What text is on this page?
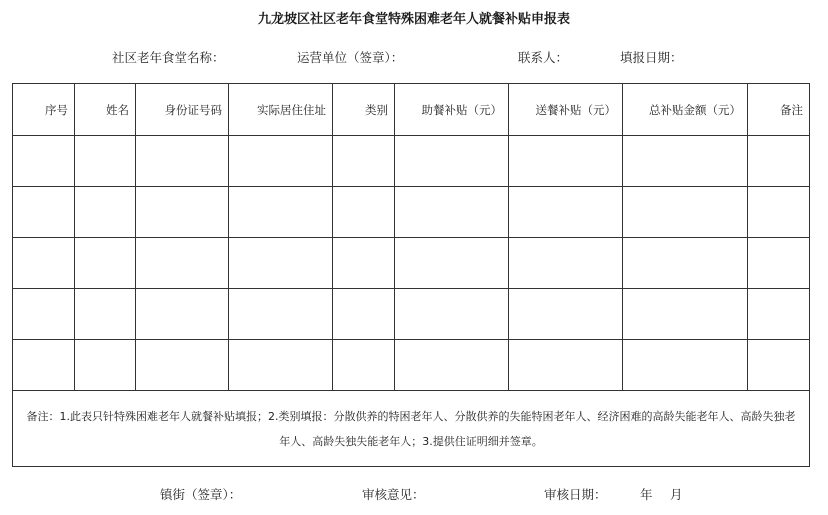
九龙坡区社区老年食堂特殊困难老年人就餐补贴申报表
社区老年食堂名称：	运营单位（签章）：	联系人：	填报日期：
序号	姓名	身份证号码	实际居住住址	类别	助餐补贴（元）	送餐补贴（元）	总补贴金额（元）	备注

备注：1.此表只针特殊困难老年人就餐补贴填报；2.类别填报：分散供养的特困老年人、分散供养的失能特困老年人、经济困难的高龄失能老年人、高龄失独老年人、高龄失独失能老年人；3.提供住证明细并签章。								
镇街（签章）：	审核意见：	审核日期：	年 月
